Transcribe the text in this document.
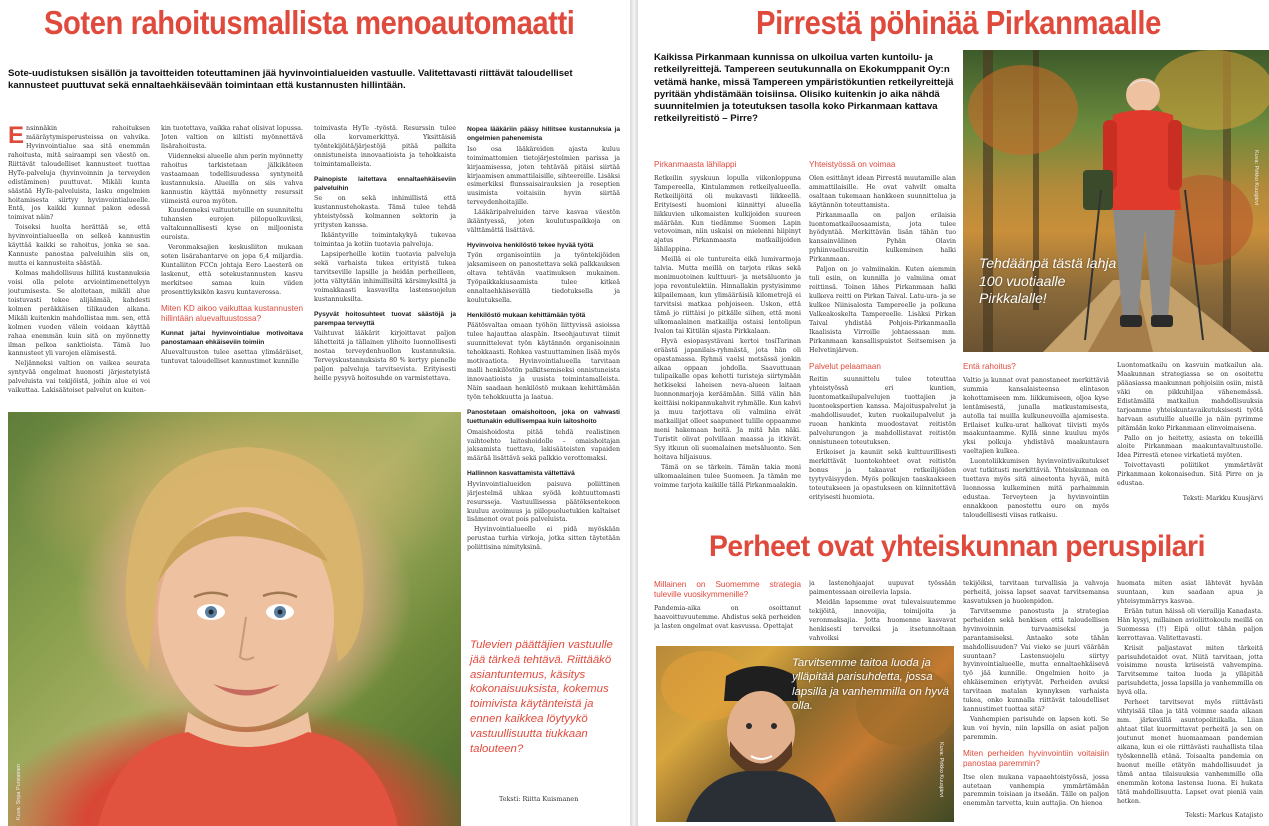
Soten rahoitusmallista menoautomaatti
Sote-uudistuksen sisällön ja tavoitteiden toteuttaminen jää hyvinvointialueiden vastuulle. Valitettavasti riittävät taloudelliset kannusteet puuttuvat sekä ennaltaehkäisevään toimintaan että kustannusten hillintään.

Ensinnäkin rahoituksen määräytymisperusteissa on vahvika. Hyvinvointialue saa sitä enemmän rahoitusta, mitä sairaampi sen väestö on. Riittävät taloudelliset kannusteet tuottaa HyTe-palveluja (hyvinvoinnin ja terveyden edistäminen) puuttuvat. Mikäli kunta säästää HyTe-palveluista, lasku ongelmien hoitamisesta siirtyy hyvinvointialueelle. Entä, jos kaikki kunnat pakon edessä toimivat näin?

Toiseksi huolta herättää se, että hyvinvointialueella on selkeä kannustin käyttää kaikki se rahoitus, jonka se saa. Kannuste panostaa palveluihin siis on, mutta ei kannusteita säästää.

Kolmas mahdollisuus hillitä kustannuksia voisi olla pelote arviointimenettelyyn joutumisesta. Se aloitetaan, mikäli alue toistuvasti tekee alijäämää, kahdesti kolmen peräkkäisen tilikauden aikana. Mikäli kuitenkin mahdollistaa mm. sen, että kolmen vuoden välein voidaan käyttää rahaa enemmän kuin sitä on myönnetty ilman pelkoa sanktioista. Tämä luo kannusteet yli varojen elämisestä.

Neljänneksi valtion on vaikea seurata syntyvää ongelmat huonosti järjestetyistä palveluista vai tekijöistä, joihin alue ei voi vaikuttaa. Lakisäätoiset palvelut on kuiten-

kin tuotettava, vaikka rahat olisivat lopussa. Joten valtion on kiltisti myönnettävä lisärahoitusta.

Viidenneksi alueelle alun perin myönnetty rahoitus tarkistetaan jälkikäteen vastaamaan todellisuudessa syntyneitä kustannuksia. Alueilla on siis vahva kannustin käyttää myönnetty resurssit viimeistä euroa myöten.

Kuudenneksi valtuutetuille on suunniteltu tuhansien eurojen piilopuolkuviksi, valtakunnallisesti kyse on miljoonista euroista.

Veronmaksajien keskusliiton mukaan soten lisärahantarve on jopa 6,4 miljardia. Kuntaliiton FCCn johtaja Eero Laesterä on laskenut, että sotekustannusten kasvu merkitsee samaa kuin viiden prosenttiyksikön kasvu kuntaverossa.

Miten KD aikoo vaikuttaa kustannusten hillintään aluevaltuustossa?
Kunnat ja/tai hyvinvointialue motivoitava panostamaan ehkäiseviin toimiin

Aluevaltuuston tulee asettaa ylimääräiset, tuntuvat taloudelliset kannustimet kunnille

toimivasta HyTe -työstä. Resurssin tulee olla korvamerkittyä. Yksittäisiä työntekijöitä/järjestöjä pitää palkita onnistuneista innovaatioista ja tehokkaista toimintamalleista.

Painopiste laitettava ennaltaehkäiseviin palveluihin

Se on sekä inhimillistä että kustannustehokasta. Tämä tulee tehdä yhteistyössä kolmannen sektorin ja yritysten kanssa.

Ikääntyville toimintakykyä tukevaa toimintaa ja kotiin tuotavia palveluja.

Lapsiperheille kotiin tuotavia palveluja sekä varhaista tukea erityistä tukea tarvitseville lapsille ja heidän perheilleen, jotta vältytään inhimillisiltä kärsimyksiltä ja voimakkaasti kasvavilta lastensuojelun kustannuksilta.

Pysyvät hoitosuhteet tuovat säästöjä ja parempaa terveyttä

Vaihtuvat lääkärit kirjoittavat paljon lähetteitä ja tällainen ylihoito luonnollisesti nostaa terveydenhuollon kustannuksia. Terveyskustannuksista 80 % kertyy pienelle paljon palveluja tarvitsevista. Erityisesti heille pysyvä hoitosuhde on varmistettava.

Kuva: Sirpa Pursiainen
Nopea lääkäriin pääsy hillitsee kustannuksia ja ongelmien pahenemista

Iso osa lääkäreiden ajasta kuluu toimimattomien tietojärjestelmien parissa ja kirjaamisessa, joten tehtävää pitäisi siirtää kirjaamisen ammattilaisille, sihteereille. Lisäksi esimerkiksi flunssaisairauksien ja reseptien uusimista voitaisiin hyvin siirtää terveydenhoitajille.

Lääkäripalveluiden tarve kasvaa väestön ikääntyessä, joten koulutuspaikkoja on välttämättä lisättävä.

Hyvinvoiva henkilöstö tekee hyvää työtä

Työn organisointiin ja työntekijöiden jaksamiseen on panostettava sekä palkkauksen oltava tehtävän vaatimuksen mukainen. Työpaikkakiusaamista tulee kitkeä ennaltaehkäisevällä tiedotuksella ja koulutuksella.

Henkilöstö mukaan kehittämään työtä

Päätösvaltaa omaan työhön liittyvissä asioissa tulee hajauttaa alaspäin. Itseohjautuvat tiimit suunnittelevat työn käytännön organisoinnin tehokkaasti. Rohkea vastuuttaminen lisää myös motivaatiota. Hyvinvointialueella tarvitaan malli henkilöstön palkitsemiseksi onnistuneista innovaatioista ja uusista toimintamalleista. Näin saadaan henkilöstö mukaan kehittämään työn tehokkuutta ja laatua.

Panostetaan omaishoitoon, joka on vahvasti tuettunakin edullisempaa kuin laitoshoito

Omaishoidosta pitää tehdä realistinen vaihtoehto laitoshoidolle – omaishoitajan jaksamista tuettava, lakisääteisten vapaiden määrää lisättävä sekä palkkio verottomaksi.

Hallinnon kasvattamista vältettävä

Hyvinvointialueiden paisuva poliittinen järjestelmä uhkaa syödä kohtuuttomasti resursseja. Vastuullisessa päätöksentekoon kuuluu avoimuus ja piilopuoluetukien kaltaiset lisämenot ovat pois palveluista.

Hyvinvointialueelle ei pidä myöskään perustaa turhia virkoja, jotka sitten täytetään poliittisina nimityksinä.

Tulevien päättäjien vastuulle jää tärkeä tehtävä. Riittääkö asiantuntemus, käsitys kokonaisuuksista, kokemus toimivista käytänteistä ja ennen kaikkea löytyykö vastuullisuutta tiukkaan talouteen?
Teksti: Riitta Kuismanen
Pirrestä pöhinää Pirkanmaalle
Kaikissa Pirkanmaan kunnissa on ulkoilua varten kuntoilu- ja retkeilyreittejä. Tampereen seutukunnalla on Ekokumppanit Oy:n vetämä hanke, missä Tampereen ympäristökuntien retkeilyreittejä pyritään yhdistämään toisiinsa. Olisiko kuitenkin jo aika nähdä suunnitelmien ja toteutuksen tasolla koko Pirkanmaan kattava retkeilyreitistö – Pirre?
Tehdäänpä tästä lahja 100 vuotiaalle Pirkkalalle!
Kuva: Pirkko Kuusjärvi
Pirkanmaasta lähilappi

Retkeilin syyskuun lopulla viikonloppuna Tampereella, Kintulammen retkeilyalueella. Retkeilijöitä oli mukavasti liikkeellä. Erityisesti huomioni kiinnittyi alueella liikkuvien ulkomaisten kulkijoiden suureen määrään. Kun tiedämme Suomen Lapin vetovoiman, niin uskaisi on mielenni hiipinyt ajatus Pirkanmaasta matkailijoiden lähilappina.

Meillä ei ole tuntureita eikä lumivarmoja talvia. Mutta meillä on tarjota rikas sekä monimuotoinen kulttuuri- ja metsäluonto ja jopa revontulektiin. Hinnallakin pystyisimme kilpailemaan, kun ylimääräisiä kilometrejä ei tarvitsisi matkaa pohjoiseen. Uskon, että tämä jo riittäisi jo pitkälle siihen, että moni ulkomaalainen matkailija ostaisi lentolipun Ivalon tai Kittilän sijasta Pirkkalaan.

Hyvä esiopasystävani kertoi tosiTarinan eräästä japanilais-ryhmästä, jota hän oli opastamassa. Ryhmä vaelsi metsässä jonkin aikaa oppaan johdolla. Saavuttuaan tulipaikalle opas kehotti turisteja siirtymään hetkiseksi laheisen neva-alueen laitaan luonnonmarjoja keräämään. Sillä välin hän keittäisi nokipannukahvit ryhmälle. Kun kahvi ja muu tarjottava oli valmiina eivät matkailijat olleet saapuneet tulille oppaamme meni hakemaan heitä. Ja mitä hän näki. Turistit olivat polvillaan maassa ja itkivät. Syy itkuun oli suomalainen metsäluonto. Sen hoitava hiljaisuus.

Tämä on se tärkein. Tämän takia moni ulkomaalainen tulee Suomeen. Ja tämän me voimme tarjota kaikille tällä Pirkanmaalakin.

Yhteistyössä on voimaa

Olen esittänyt idean Pirrestä muutamille alan ammattilaisille. He ovat vahvilt omalta osaltaan tukemaan hankkeen suunnittelua ja käytännön toteuttamista.

Pirkanmaalla on paljon erilaisia luontomatkailuosaamista, jota tulee hyödyntää. Merkittävän lisän tähän tuo kansainvälinen Pyhän Olavin pyhiinvaellusreitin kulkeminen halki Pirkanmaan.

Paljon on jo valmiinakin. Kuten aiemmin tuli esiin, on kunnilla jo valmiina omat reittinsä. Toinen lähes Pirkanmaan halki kulkeva reitti on Pirkan Taival. Latu-ura- ja se kulkee Niinisalosta Tampereelle ja polkuna Valkeakoskelta Tampereelle. Lisäksi Pirkan Taival yhdistää Pohjois-Pirkanmaalla Ikaalisista Virroille johtaessaan mm. Pirkanmaan kansallispuistot Seitsemisen ja Helvetinjärven.

Palvelut pelaamaan

Reitin suunnittelu tulee toteuttaa yhteistyössä eri kuntien, luontomatkailupalvelujen tuottajien ja luontoekspertien kanssa. Majoituspalvelut ja -mahdollisuudet, kuten ruokailupalvelut ja ruoan hankinta muodostavat reitistön palvelurungon ja mahdollistavat reitistön onnistuneen toteutuksen.

Erikoiset ja kauniit sekä kulttuurillisesti merkittävät luontokohteet ovat reitistön bonus ja takaavat retkeilijöiden tyytyväisyyden. Myös polkujen taaskaakseen toteutukseen ja opastukseen on kiinnitettävä erityisesti huomiota.

Entä rahoitus?

Valtio ja kunnat ovat panostaneet merkittäviä summia kansalaisteensa elintason kohottamiseen mm. liikkumiseen, oljoa kyse lentämisestä, junalla matkustamisesta, autolla tai muilla kulkuneuvoilla ajamisesta. Erilaiset kulku-urat halkovat tiivisti myös maakuntaamme. Kyllä sinne kuuluu myös yksi polkuja yhdistävä maakuntaura vaeltajien kulkea.

Luontoliikkumisen hyvinvointivaikutukset ovat tutkitusti merkittäviä. Yhteiskunnan on tuettava myös sitä aineetonta hyvää, mitä luonnossa kulkeminen mitä parhaimmin edustaa. Terveyteen ja hyvinvointiin ennakkoon panostettu euro on myös taloudellisesti viisas ratkaisu.

Luontomatkailu on kasvuin matkailun ala. Maakunnan strategiassa se on osoitettu pääasiassa maakunnan pohjoisiin osiin, mistä väki on pikkuhiljaa vähenemässä. Edistämällä matkailun mahdollisuuksia tarjoamme yhteiskuntavaikutuksisesti työtä harvaan asutuille alueille ja näin pyrimme pitämään koko Pirkanmaan elinvoimaisena.

Pallo on jo heitetty, asiasta on tekeillä aloite Pirkanmaan maakuntavaltuustolle. Idea Pirrestä etenee virkatietä myöten.

Toivottavasti poliitikot ymmärtävät Pirkanmaan kokonaisedun. Sitä Pirre on ja edustaa.

Teksti: Markku Kuusjärvi

Perheet ovat yhteiskunnan peruspilari
Millainen on Suomemme strategia tuleville vuosikymmenille?

Pandemia-aika on osoittanut haavoittuvuutemme. Ahdistus sekä perheiden ja lasten ongelmat ovat kasvussa. Opettajat

ja lastenohjaajat uupuvat työssään paimentessaan oireilevia lapsia.

Meidän lapsemme ovat tulevaisuutemme tekijöitä, innovoijia, toimijoita ja veronmaksajia. Jotta huomenne kasvavat henkisesti terveiksi ja itsetunnoltaan vahvoiksi

Tarvitsemme taitoa luoda ja ylläpitää parisuhdetta, jossa lapsilla ja vanhemmilla on hyvä olla.
Kuva: Pirkko Kuusjärvi

tekijöiksi, tarvitaan turvallisia ja vahvoja perheitä, joissa lapset saavat tarvitsemansa kasvatuksen ja huolenpidon.

Tarvitsemme panostusta ja strategiaa perheiden sekä henkisen että taloudellisen hyvinvoinnin turvaamiseksi ja parantamiseksi. Antaako sote tähän mahdollisuuden? Vai vieko se juuri väärään suuntaan? Lastensuojelu siirtyy hyvinvointialueelle, mutta ennaltaehkäisevä työ jää kunnille. Ongelmien hoito ja ehkäiseminen eriytyvät. Perheiden avuksi tarvitaan matalan kynnyksen varhaista tukea, onko kunnalla riittävät taloudelliset kannustimet tuottaa sitä?

Vanhempien parisuhde on lapsen koti. Se kun voi hyvin, niin lapsilla on asiat paljon paremmin.

Miten perheiden hyvinvointiin voitaisiin panostaa paremmin?

Itse olen mukana vapaaehtoistyössä, jossa autetaan vanhempia ymmärtämään paremmin toisiaan ja itseään. Tälle on paljon enemmän tarvetta, kuin auttajia. On hienoa

huomata miten asiat lähtevät hyvään suuntaan, kun saadaan apua ja yhteisymmärrys kasvaa.

Erään tutun häissä oli vierailija Kanadasta. Hän kysyi, millainen avioliittokoulu meillä on Suomessa (!!) Eipä ollut tähän paljon kerrottavaa. Valitettavasti.

Kriisit paljastavat miten tärkeitä parisuhdetaidot ovat. Niitä tarvitaan, jotta voisimme nousta kriiseistä vahvempina. Tarvitsemme taitoa luoda ja ylläpitää parisuhdetta, jossa lapsilla ja vanhemmilla on hyvä olla.

Perheet tarvitsevat myös riittävästi vihtyisää tilaa ja tätä voimme saada aikaan mm. järkevällä asuntopolitiikalla. Liian ahtaat tilat kuormittavat perheitä ja sen on joutunut monet huomaamaan pandemian aikana, kun ei ole riittävästi rauhallista tilaa työskennellä etänä. Toisaalta pandemia on huonut meille etätyön mahdollisuudet ja tämä antaa tilaisuuksia vanhemmille olla enemmän kotona lastensa luona. Ei hukata tätä mahdollisuutta. Lapset ovat pieniä vain hetken.

Teksti: Markus Katajisto
